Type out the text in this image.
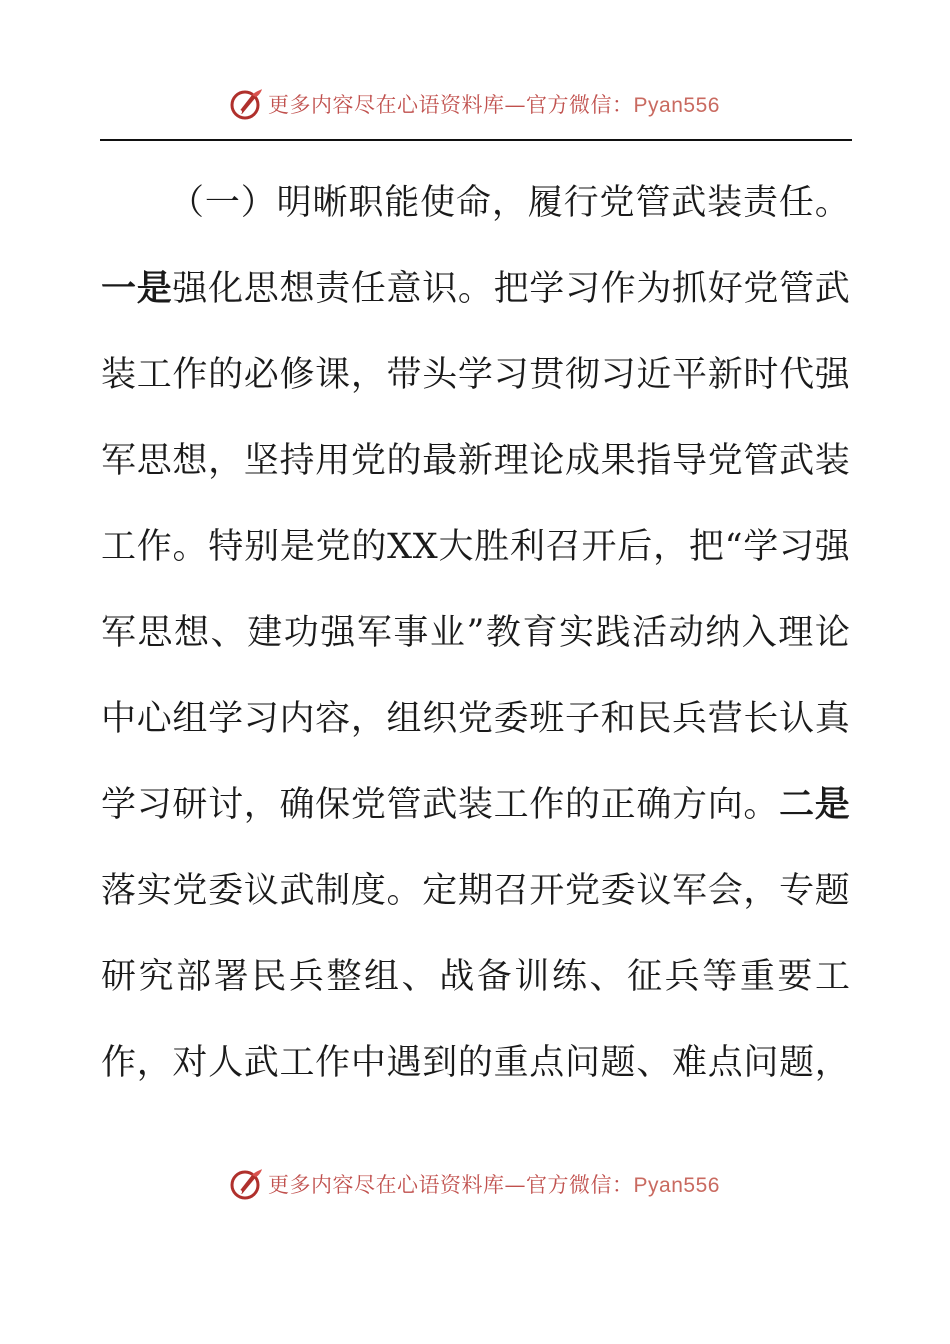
更多内容尽在心语资料库—官方微信：Pyan556
（ 一 ） 明 晰 职 能 使 命 ， 履 行 党 管 武 装 责 任 。
一 是 强 化 思 想 责 任 意 识 。 把 学 习 作 为 抓 好 党 管 武
装 工 作 的 必 修 课 ， 带 头 学 习 贯 彻 习 近 平 新 时 代 强
军 思 想 ， 坚 持 用 党 的 最 新 理 论 成 果 指 导 党 管 武 装
工 作 。 特 别 是 党 的 X X 大 胜 利 召 开 后 ， 把 “ 学 习 强
军 思 想 、 建 功 强 军 事 业 ” 教 育 实 践 活 动 纳 入 理 论
中 心 组 学 习 内 容 ， 组 织 党 委 班 子 和 民 兵 营 长 认 真
学 习 研 讨 ， 确 保 党 管 武 装 工 作 的 正 确 方 向 。 二 是
落 实 党 委 议 武 制 度 。 定 期 召 开 党 委 议 军 会 ， 专 题
研 究 部 署 民 兵 整 组 、 战 备 训 练 、 征 兵 等 重 要 工
作 ， 对 人 武 工 作 中 遇 到 的 重 点 问 题 、 难 点 问 题 ，
更多内容尽在心语资料库—官方微信：Pyan556
